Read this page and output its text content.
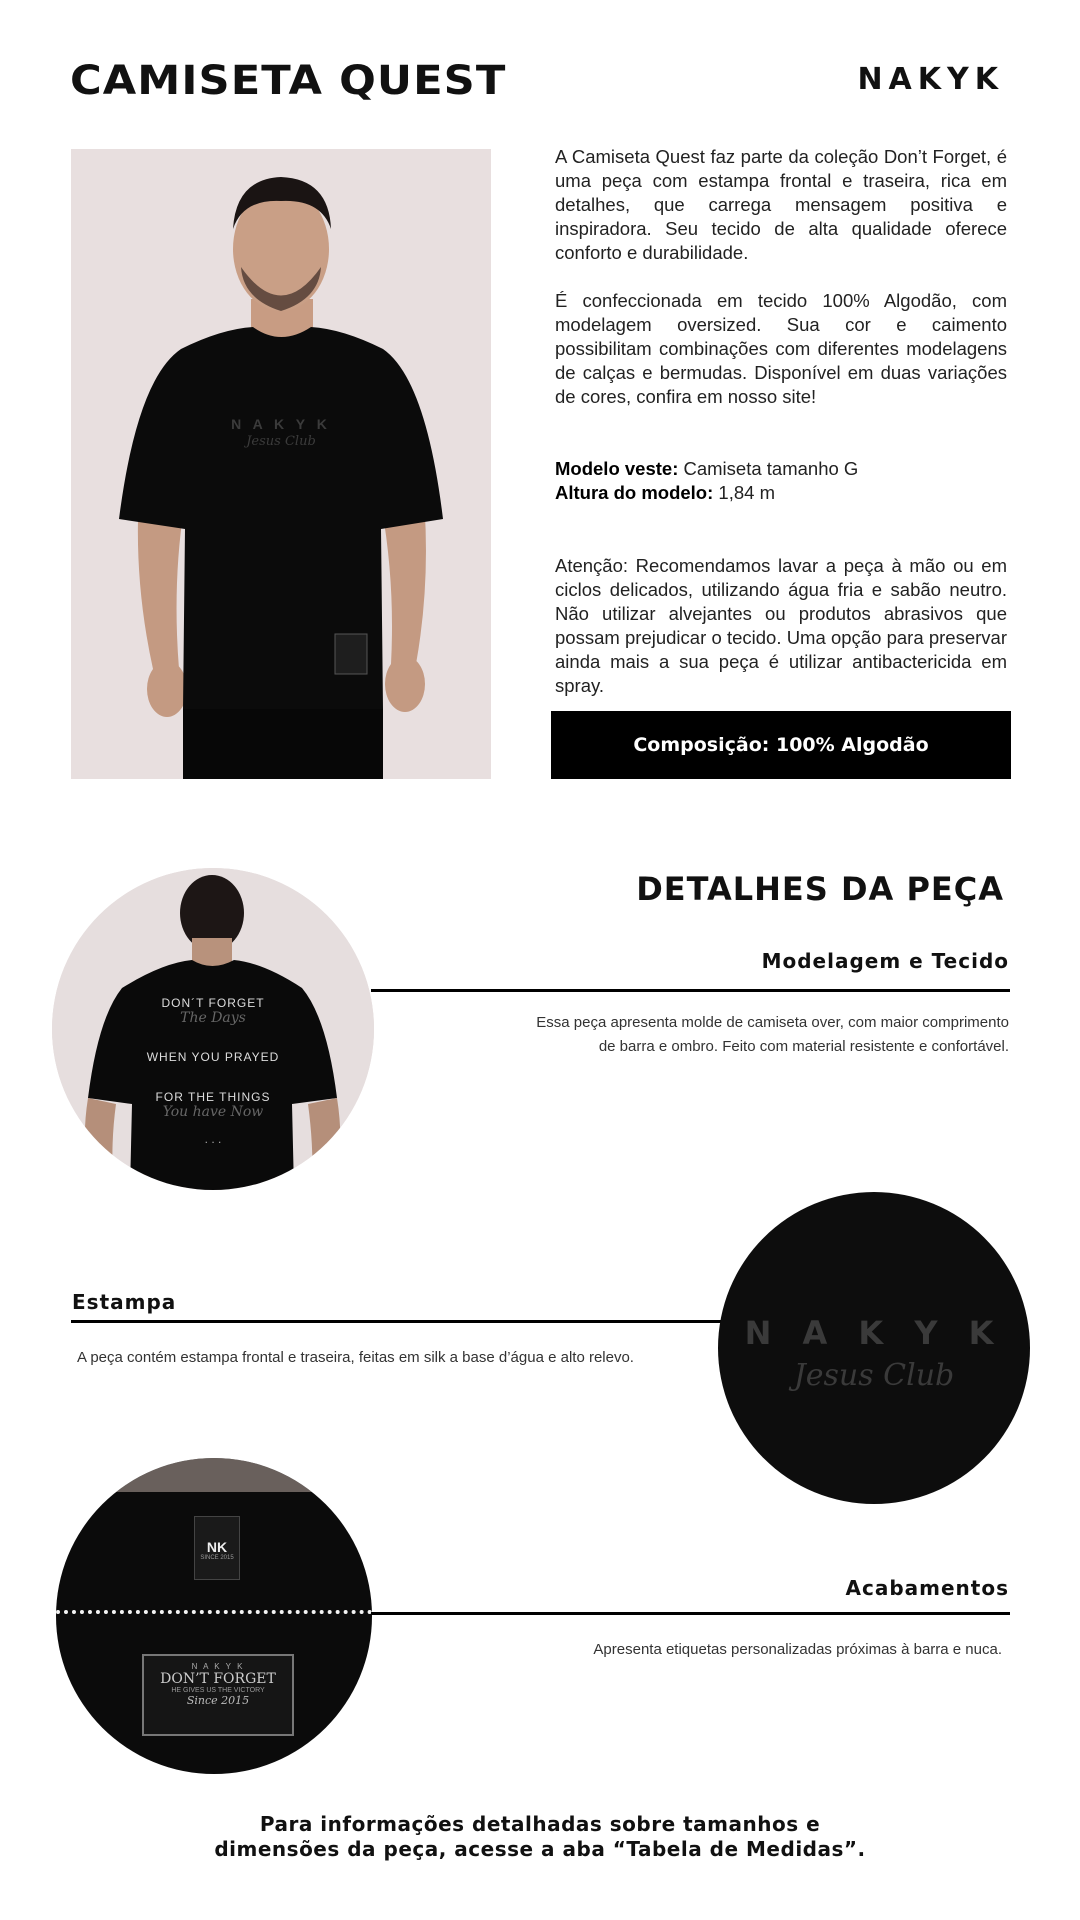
CAMISETA QUEST	NAKYK
N A K Y K
Jesus Club

A Camiseta Quest faz parte da coleção Don’t Forget, é uma peça com estampa frontal e traseira, rica em detalhes, que carrega mensagem positiva e inspiradora. Seu tecido de alta qualidade oferece conforto e durabilidade.

É confeccionada em tecido 100% Algodão, com modelagem oversized. Sua cor e caimento possibilitam combinações com diferentes modelagens de calças e bermudas. Disponível em duas variações de cores, confira em nosso site!

Modelo veste: Camiseta tamanho G
Altura do modelo: 1,84 m

Atenção: Recomendamos lavar a peça à mão ou em ciclos delicados, utilizando água fria e sabão neutro. Não utilizar alvejantes ou produtos abrasivos que possam prejudicar o tecido. Uma opção para preservar ainda mais a sua peça é utilizar antibactericida em spray.

Composição: 100% Algodão
DETALHES DA PEÇA
DON´T FORGET
The Days
WHEN YOU PRAYED
FOR THE THINGS
You have Now
. . .
Modelagem e Tecido
Essa peça apresenta molde de camiseta over, com maior comprimento
de barra e ombro. Feito com material resistente e confortável.
Estampa
A peça contém estampa frontal e traseira, feitas em silk a base d’água e alto relevo.
N A K Y K
Jesus Club
NK
SINCE 2015
N A K Y K
DON’T FORGET
HE GIVES US THE VICTORY
Since 2015
Acabamentos
Apresenta etiquetas personalizadas próximas à barra e nuca.
Para informações detalhadas sobre tamanhos e
dimensões da peça, acesse a aba “Tabela de Medidas”.
